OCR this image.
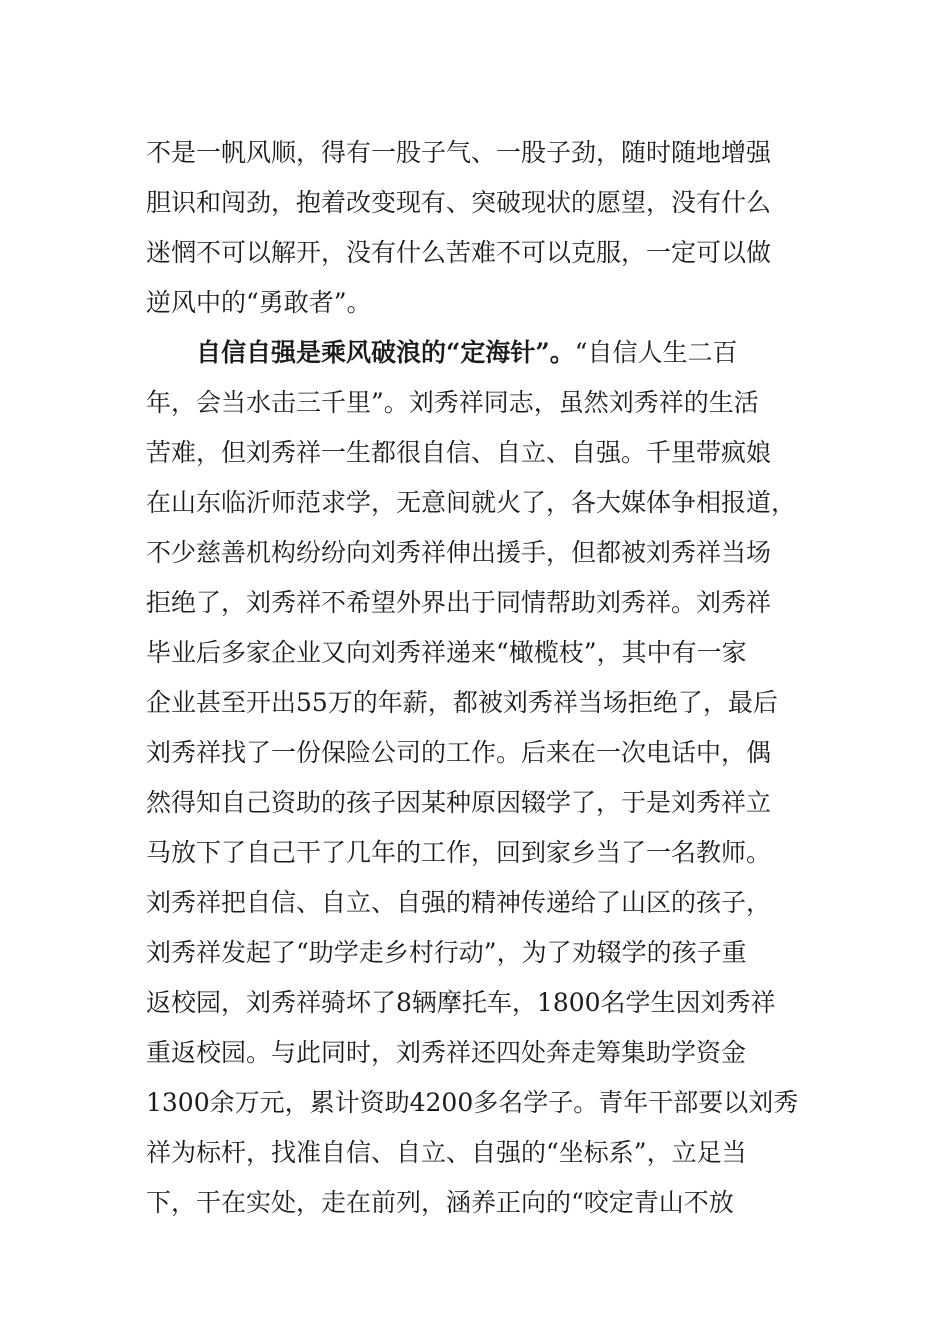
不是一帆风顺，得有一股子气、一股子劲，随时随地增强
胆识和闯劲，抱着改变现有、突破现状的愿望，没有什么
迷惘不可以解开，没有什么苦难不可以克服，一定可以做
逆风中的“勇敢者”。
自信自强是乘风破浪的“定海针”。“自信人生二百
年，会当水击三千里”。刘秀祥同志，虽然刘秀祥的生活
苦难，但刘秀祥一生都很自信、自立、自强。千里带疯娘
在山东临沂师范求学，无意间就火了，各大媒体争相报道，
不少慈善机构纷纷向刘秀祥伸出援手，但都被刘秀祥当场
拒绝了，刘秀祥不希望外界出于同情帮助刘秀祥。刘秀祥
毕业后多家企业又向刘秀祥递来“橄榄枝”，其中有一家
企业甚至开出55万的年薪，都被刘秀祥当场拒绝了，最后
刘秀祥找了一份保险公司的工作。后来在一次电话中，偶
然得知自己资助的孩子因某种原因辍学了，于是刘秀祥立
马放下了自己干了几年的工作，回到家乡当了一名教师。
刘秀祥把自信、自立、自强的精神传递给了山区的孩子，
刘秀祥发起了“助学走乡村行动”，为了劝辍学的孩子重
返校园，刘秀祥骑坏了8辆摩托车，1800名学生因刘秀祥
重返校园。与此同时，刘秀祥还四处奔走筹集助学资金
1300余万元，累计资助4200多名学子。青年干部要以刘秀
祥为标杆，找准自信、自立、自强的“坐标系”，立足当
下，干在实处，走在前列，涵养正向的“咬定青山不放
